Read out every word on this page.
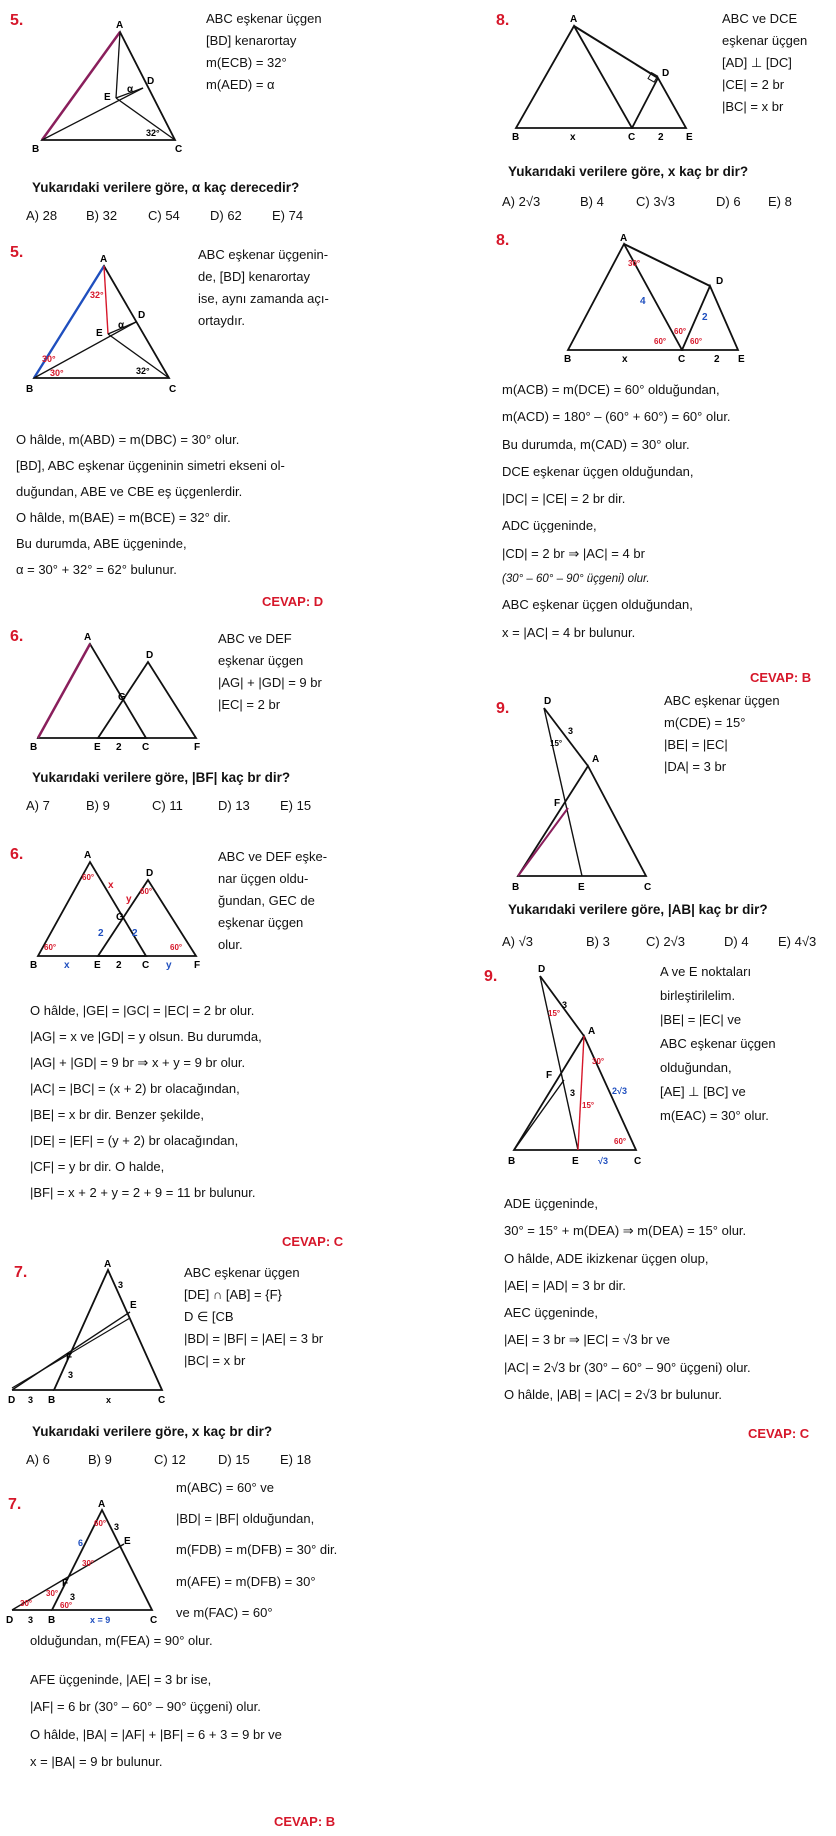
5.	A
B	C
D
E
α
32°
ABC eşkenar üçgen
[BD] kenarortay
m(ECB) = 32°
m(AED) = α
Yukarıdaki verilere göre, α kaç derecedir?
A) 28 B) 32 C) 54 D) 62 E) 74
5.	A
B	C
D
E
α
32°
30°
30°	32°
ABC eşkenar üçgenin-
de, [BD] kenarortay
ise, aynı zamanda açı-
ortaydır.
O hâlde, m(ABD) = m(DBC) = 30° olur.
[BD], ABC eşkenar üçgeninin simetri ekseni ol-
duğundan, ABE ve CBE eş üçgenlerdir.
O hâlde, m(BAE) = m(BCE) = 32° dir.
Bu durumda, ABE üçgeninde,
α = 30° + 32° = 62° bulunur.
CEVAP: D
6.	A
B	E 2 C	F
D
G
ABC ve DEF
eşkenar üçgen
|AG| + |GD| = 9 br
|EC| = 2 br
Yukarıdaki verilere göre, |BF| kaç br dir?
A) 7	B) 9	C) 11	D) 13 E) 15
6.	A
B	E 2 C	F
D
G
x	y
x
y
2	2
60°
60°
60°	60°
ABC ve DEF eşke-
nar üçgen oldu-
ğundan, GEC de
eşkenar üçgen
olur.
O hâlde, |GE| = |GC| = |EC| = 2 br olur.
|AG| = x ve |GD| = y olsun. Bu durumda,
|AG| + |GD| = 9 br ⇒ x + y = 9 br olur.
|AC| = |BC| = (x + 2) br olacağından,
|BE| = x br dir. Benzer şekilde,
|DE| = |EF| = (y + 2) br olacağından,
|CF| = y br dir. O halde,
|BF| = x + 2 + y = 2 + 9 = 11 br bulunur.
CEVAP: C
7.	A
D	B	C
E
F
3
3
3
x
ABC eşkenar üçgen
[DE] ∩ [AB] = {F}
D ∈ [CB
|BD| = |BF| = |AE| = 3 br
|BC| = x br
Yukarıdaki verilere göre, x kaç br dir?
A) 6	B) 9	C) 12 D) 15 E) 18
7.	A
D	B	C
E
F
3
3
3
6
x = 9
60°
60°
30°
30°
30°
m(ABC) = 60° ve
|BD| = |BF| olduğundan,
m(FDB) = m(DFB) = 30° dir.
m(AFE) = m(DFB) = 30°
ve m(FAC) = 60°
olduğundan, m(FEA) = 90° olur.
AFE üçgeninde, |AE| = 3 br ise,
|AF| = 6 br (30° – 60° – 90° üçgeni) olur.
O hâlde, |BA| = |AF| + |BF| = 6 + 3 = 9 br ve
x = |BA| = 9 br bulunur.
CEVAP: B
8.	A
B	C	E
D
x	2
ABC ve DCE
eşkenar üçgen
[AD] ⊥ [DC]
|CE| = 2 br
|BC| = x br
Yukarıdaki verilere göre, x kaç br dir?
A) 2√3	B) 4 C) 3√3	D) 6 E) 8
8.	A
B	C	E
D
x	2
2
4
30°
60°
60°
60°
m(ACB) = m(DCE) = 60° olduğundan,
m(ACD) = 180° – (60° + 60°) = 60° olur.
Bu durumda, m(CAD) = 30° olur.
DCE eşkenar üçgen olduğundan,
|DC| = |CE| = 2 br dir.
ADC üçgeninde,
|CD| = 2 br ⇒ |AC| = 4 br
(30° – 60° – 90° üçgeni) olur.
ABC eşkenar üçgen olduğundan,
x = |AC| = 4 br bulunur.
CEVAP: B
9.	D
A
F
B	E	C
3
15°
ABC eşkenar üçgen
m(CDE) = 15°
|BE| = |EC|
|DA| = 3 br
Yukarıdaki verilere göre, |AB| kaç br dir?
A) √3	B) 3	C) 2√3	D) 4 E) 4√3
9.	D
A
F
B	E	C
3
3
15°
15°
30°
60°
2√3
√3
A ve E noktaları
birleştirilelim.
|BE| = |EC| ve
ABC eşkenar üçgen
olduğundan,
[AE] ⊥ [BC] ve
m(EAC) = 30° olur.
ADE üçgeninde,
30° = 15° + m(DEA) ⇒ m(DEA) = 15° olur.
O hâlde, ADE ikizkenar üçgen olup,
|AE| = |AD| = 3 br dir.
AEC üçgeninde,
|AE| = 3 br ⇒ |EC| = √3 br ve
|AC| = 2√3 br (30° – 60° – 90° üçgeni) olur.
O hâlde, |AB| = |AC| = 2√3 br bulunur.
CEVAP: C
